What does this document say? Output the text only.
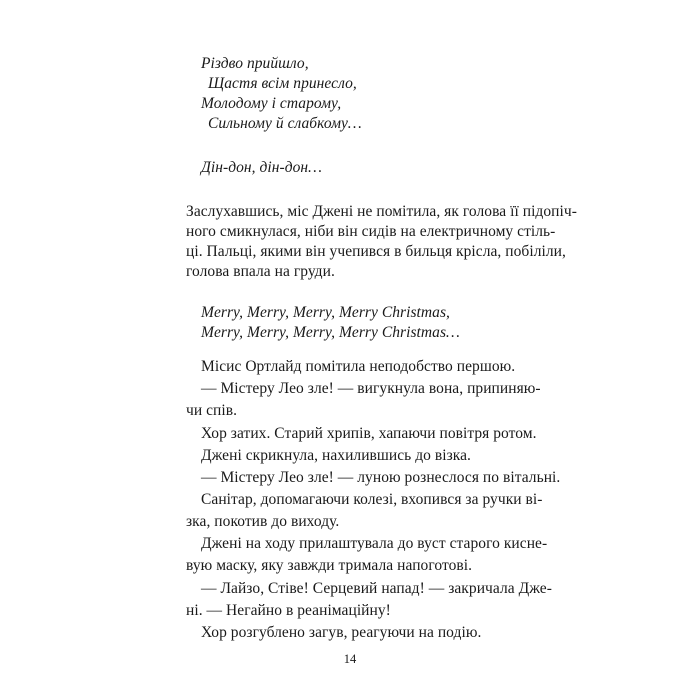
Різдво прийшло,
Щастя всім принесло,
Молодому і старому,
Сильному й слабкому…
Дін-дон, дін-дон…
Заслухавшись, міс Джені не помітила, як голова її підопіч-
ного смикнулася, ніби він сидів на електричному стіль-
ці. Пальці, якими він учепився в бильця крісла, побіліли,
голова впала на груди.
Merry, Merry, Merry, Merry Christmas,
Merry, Merry, Merry, Merry Christmas…
Місис Ортлайд помітила неподобство першою.
— Містеру Лео зле! — вигукнула вона, припиняю-
чи спів.
Хор затих. Старий хрипів, хапаючи повітря ротом.
Джені скрикнула, нахилившись до візка.
— Містеру Лео зле! — луною рознеслося по вітальні.
Санітар, допомагаючи колезі, вхопився за ручки ві-
зка, покотив до виходу.
Джені на ходу прилаштувала до вуст старого кисне-
вую маску, яку завжди тримала напоготові.
— Лайзо, Стіве! Серцевий напад! — закричала Дже-
ні. — Негайно в реанімаційну!
Хор розгублено загув, реагуючи на подію.
14
